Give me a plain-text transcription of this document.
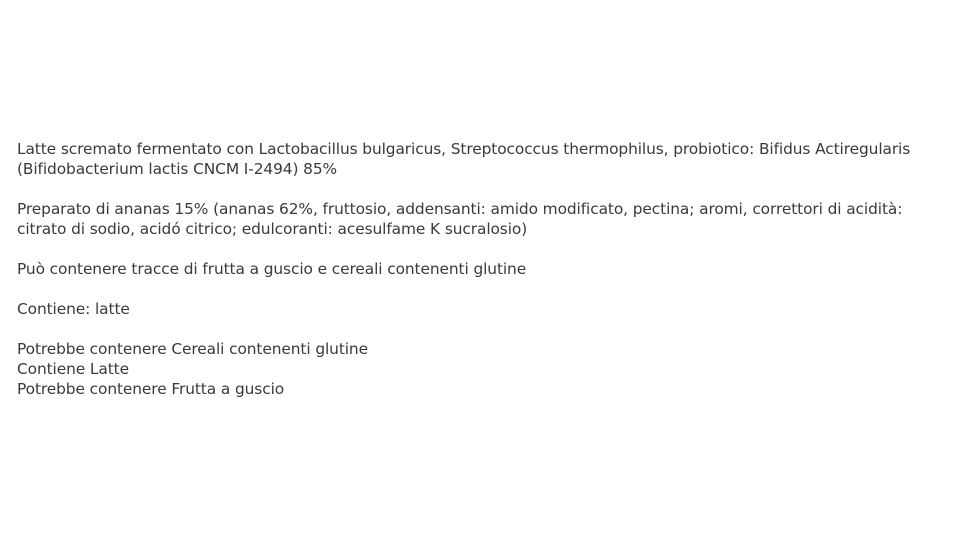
Latte scremato fermentato con Lactobacillus bulgaricus, Streptococcus thermophilus, probiotico: Bifidus Actiregularis
(Bifidobacterium lactis CNCM I-2494) 85%

Preparato di ananas 15% (ananas 62%, fruttosio, addensanti: amido modificato, pectina; aromi, correttori di acidità:
citrato di sodio, acidó citrico; edulcoranti: acesulfame K sucralosio)

Può contenere tracce di frutta a guscio e cereali contenenti glutine

Contiene: latte

Potrebbe contenere Cereali contenenti glutine
Contiene Latte
Potrebbe contenere Frutta a guscio
